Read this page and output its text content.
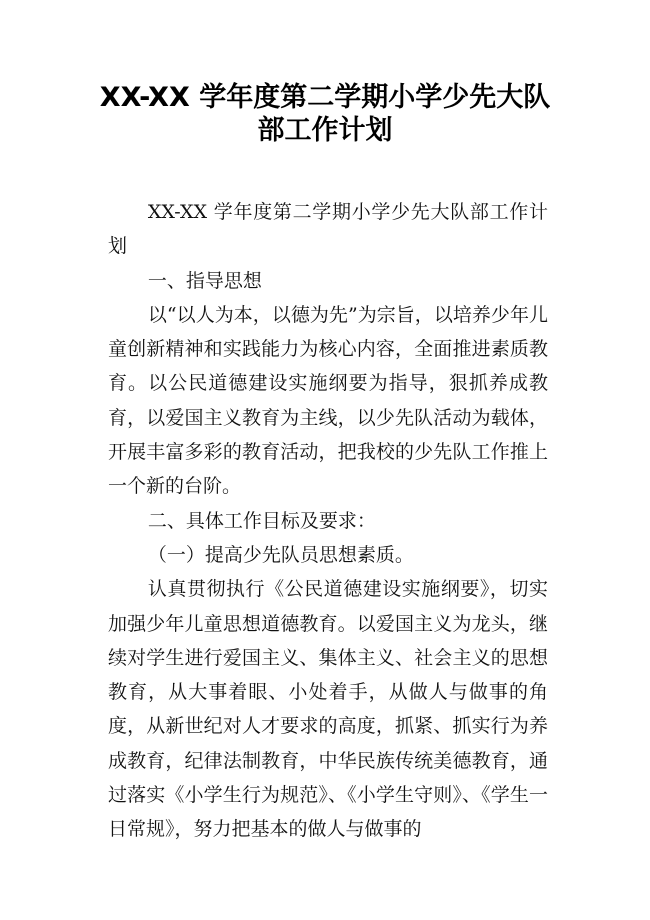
XX-XX 学年度第二学期小学少先大队
部工作计划

XX-XX 学年度第二学期小学少先大队部工作计划

一、指导思想

以“以人为本，以德为先”为宗旨，以培养少年儿童创新精神和实践能力为核心内容，全面推进素质教育。以公民道德建设实施纲要为指导，狠抓养成教育，以爱国主义教育为主线，以少先队活动为载体，开展丰富多彩的教育活动，把我校的少先队工作推上一个新的台阶。

二、具体工作目标及要求：

（一）提高少先队员思想素质。

认真贯彻执行《公民道德建设实施纲要》，切实加强少年儿童思想道德教育。以爱国主义为龙头，继续对学生进行爱国主义、集体主义、社会主义的思想教育，从大事着眼、小处着手，从做人与做事的角度，从新世纪对人才要求的高度，抓紧、抓实行为养成教育，纪律法制教育，中华民族传统美德教育，通过落实《小学生行为规范》、《小学生守则》、《学生一日常规》，努力把基本的做人与做事的
